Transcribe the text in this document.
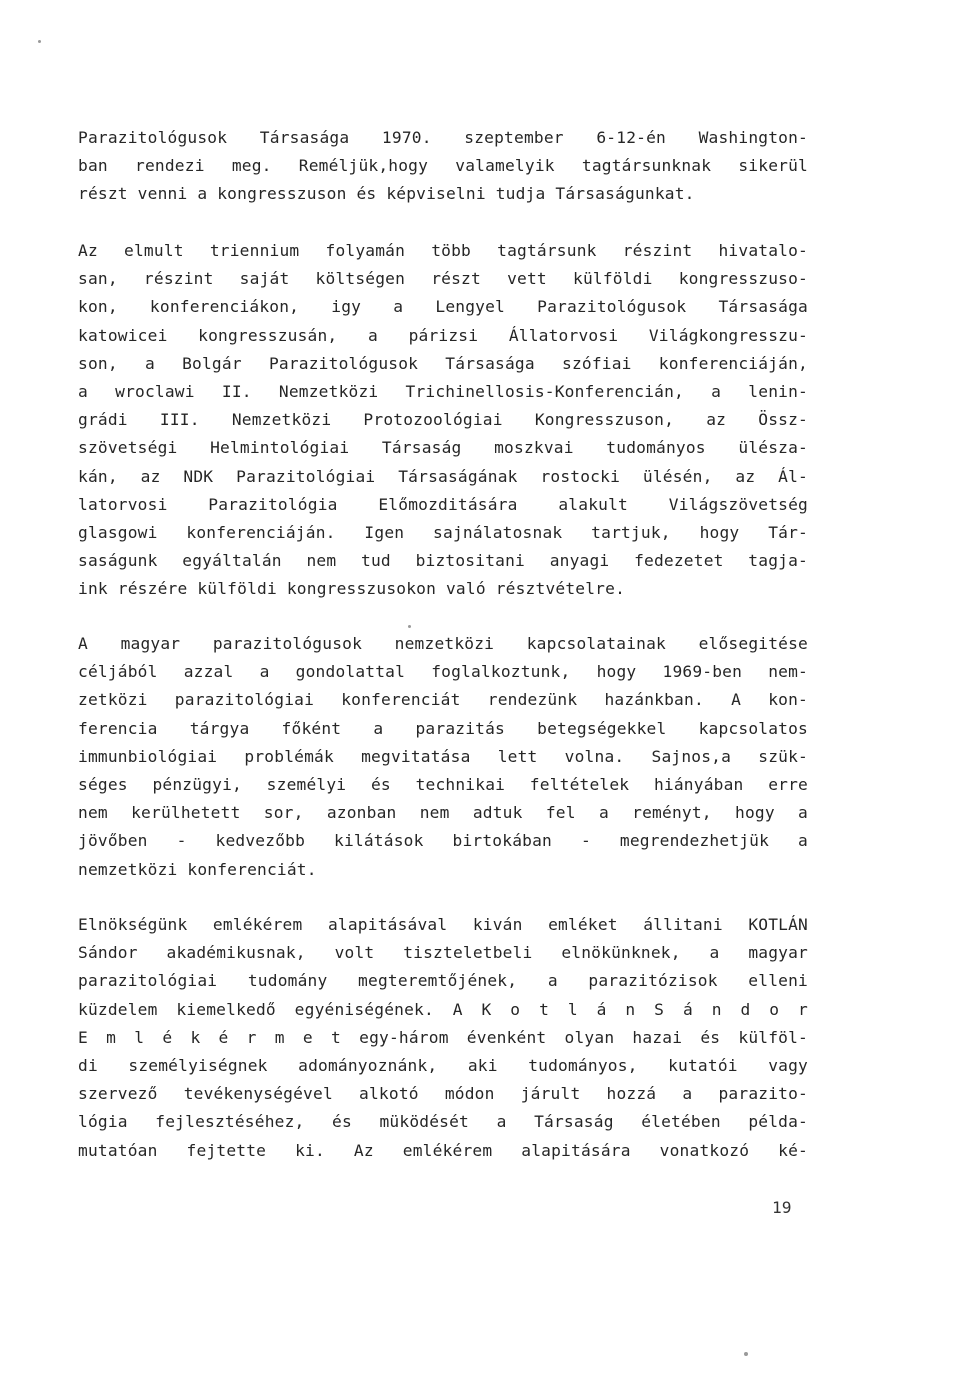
Parazitológusok Társasága 1970. szeptember 6-12-én Washington-
ban rendezi meg. Reméljük,hogy valamelyik tagtársunknak sikerül
részt venni a kongresszuson és képviselni tudja Társaságunkat.
Az elmult triennium folyamán több tagtársunk részint hivatalo-
san, részint saját költségen részt vett külföldi kongresszuso-
kon, konferenciákon, igy a Lengyel Parazitológusok Társasága
katowicei kongresszusán, a párizsi Állatorvosi Világkongresszu-
son, a Bolgár Parazitológusok Társasága szófiai konferenciáján,
a wroclawi II. Nemzetközi Trichinellosis-Konferencián, a lenin-
grádi III. Nemzetközi Protozoológiai Kongresszuson, az Össz-
szövetségi Helmintológiai Társaság moszkvai tudományos ülésza-
kán, az NDK Parazitológiai Társaságának rostocki ülésén, az Ál-
latorvosi Parazitológia Előmozditására alakult Világszövetség
glasgowi konferenciáján. Igen sajnálatosnak tartjuk, hogy Tár-
saságunk egyáltalán nem tud biztositani anyagi fedezetet tagja-
ink részére külföldi kongresszusokon való résztvételre.
A magyar parazitológusok nemzetközi kapcsolatainak elősegitése
céljából azzal a gondolattal foglalkoztunk, hogy 1969-ben nem-
zetközi parazitológiai konferenciát rendezünk hazánkban. A kon-
ferencia tárgya főként a parazitás betegségekkel kapcsolatos
immunbiológiai problémák megvitatása lett volna. Sajnos,a szük-
séges pénzügyi, személyi és technikai feltételek hiányában erre
nem kerülhetett sor, azonban nem adtuk fel a reményt, hogy a
jövőben - kedvezőbb kilátások birtokában - megrendezhetjük a
nemzetközi konferenciát.
Elnökségünk emlékérem alapitásával kiván emléket állitani KOTLÁN
Sándor akadémikusnak, volt tiszteletbeli elnökünknek, a magyar
parazitológiai tudomány megteremtőjének, a parazitózisok elleni
küzdelem kiemelkedő egyéniségének. A K o t l á n S á n d o r
E m l é k é r m e t egy-három évenként olyan hazai és külföl-
di személyiségnek adományoznánk, aki tudományos, kutatói vagy
szervező tevékenységével alkotó módon járult hozzá a parazito-
lógia fejlesztéséhez, és müködését a Társaság életében példa-
mutatóan fejtette ki. Az emlékérem alapitására vonatkozó ké-
19
